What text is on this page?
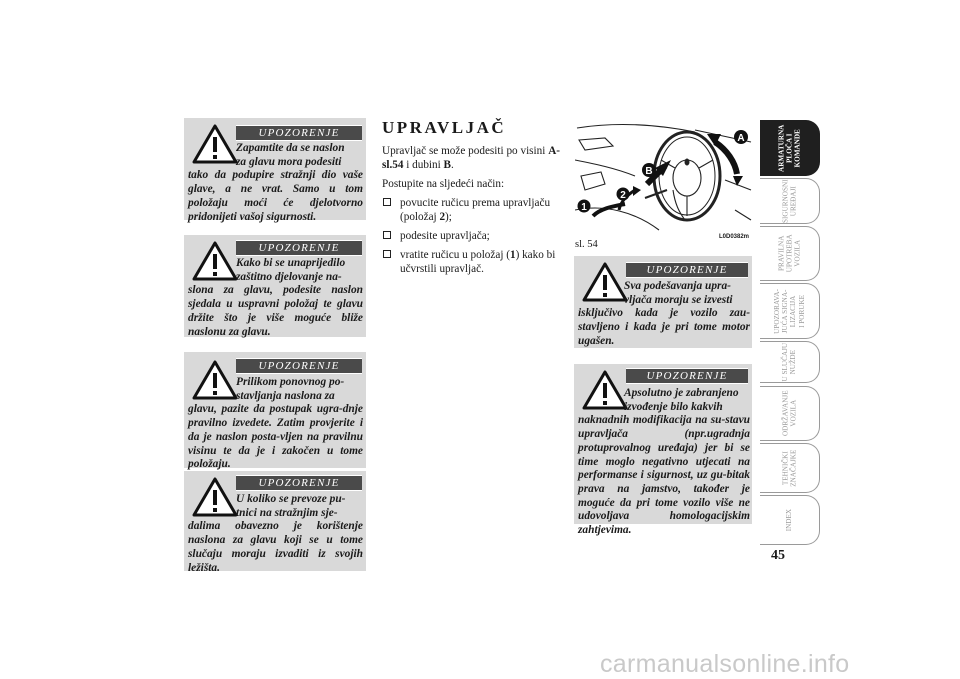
UPOZORENJE
Zapamtite da se naslon
za glavu mora podesiti
tako da podupire stražnji dio vaše glave, a ne vrat. Samo u tom položaju moći će djelotvorno pridonijeti vašoj sigurnosti.
UPOZORENJE
Kako bi se unaprijedilo
zaštitno djelovanje na-
slona za glavu, podesite naslon sjedala u uspravni položaj te glavu držite što je više moguće bliže naslonu za glavu.
UPOZORENJE
Prilikom ponovnog po-
stavljanja naslona za
glavu, pazite da postupak ugra-dnje pravilno izvedete. Zatim provjerite i da je naslon posta-vljen na pravilnu visinu te da je i zakočen u tome položaju.
UPOZORENJE
U koliko se prevoze pu-
tnici na stražnjim sje-
dalima obavezno je korištenje naslona za glavu koji se u tome slučaju moraju izvaditi iz svojih ležišta.
UPRAVLJAČ

Upravljač se može podesiti po visini A-sl.54 i dubini B.

Postupite na sljedeći način:

povucite ručicu prema upravljaču (položaj 2);
podesite upravljača;
vratite ručicu u položaj (1) kako bi učvrstili upravljač.
A
B
1
2
sl. 54
L0D0382m
UPOZORENJE
Sva podešavanja upra-
vljača moraju se izvesti
isključivo kada je vozilo zau-stavljeno i kada je pri tome motor ugašen.
UPOZORENJE
Apsolutno je zabranjeno
izvođenje bilo kakvih
naknadnih modifikacija na su-stavu upravljača (npr.ugradnja protuprovalnog uređaja) jer bi se time moglo negativno utjecati na performanse i sigurnost, uz gu-bitak prava na jamstvo, također je moguće da pri tome vozilo više ne udovoljava homologacijskim zahtjevima.
ARMATURNA
PLOČA I
KOMANDE
SIGURNOSNI
UREĐAJI
PRAVILNA
UPOTREBA
VOZILA
UPOZORAVA-
JUĆA SIGNA-
LIZACIJA
I PORUKE
U SLUČAJU
NUŽDE
ODRŽAVANJE
VOZILA
TEHNIČKI
ZNAČAJKE
INDEX
45
carmanualsonline.info
